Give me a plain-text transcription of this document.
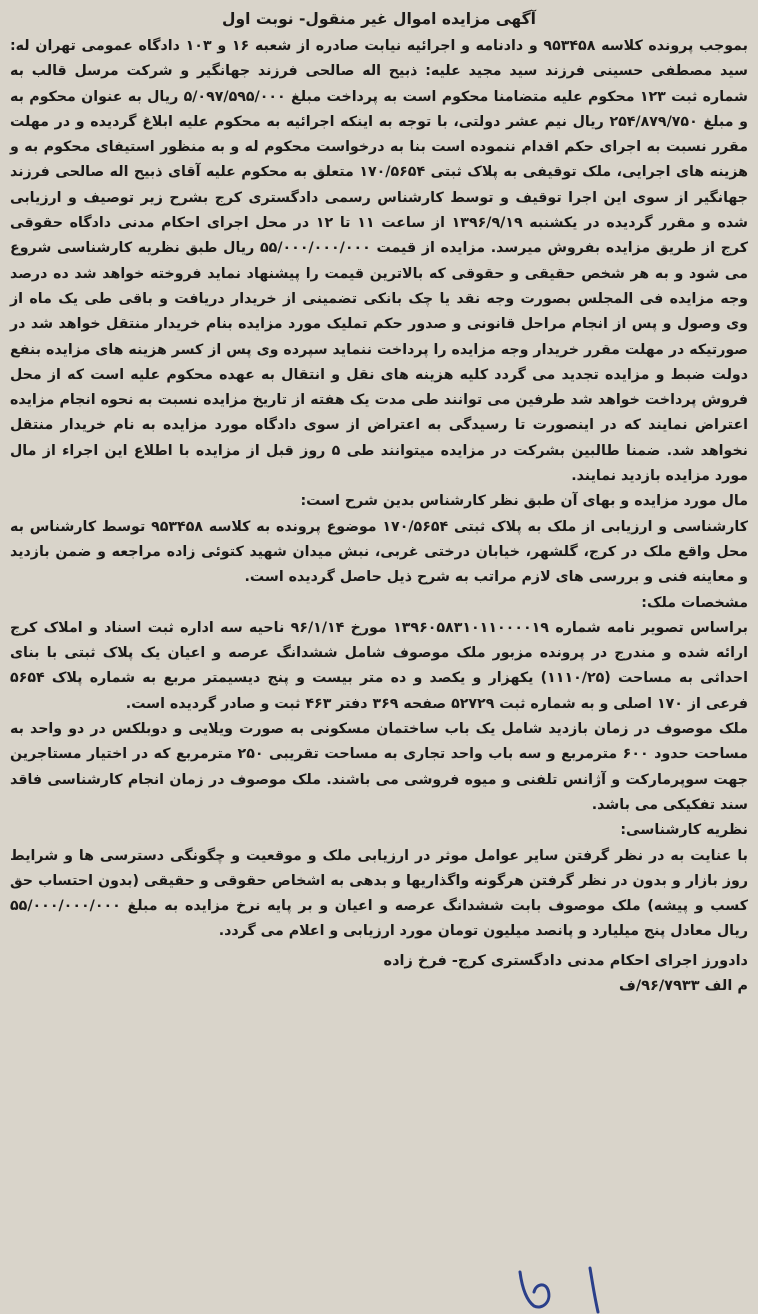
آگهی مزایده اموال غیر منقول- نوبت اول

بموجب پرونده کلاسه ۹۵۳۴۵۸ و دادنامه و اجرائیه نیابت صادره از شعبه ۱۶ و ۱۰۳ دادگاه عمومی تهران له: سید مصطفی حسینی فرزند سید مجید علیه: ذبیح اله صالحی فرزند جهانگیر و شرکت مرسل قالب به شماره ثبت ۱۲۳ محکوم علیه متضامنا محکوم است به پرداخت مبلغ ۵/۰۹۷/۵۹۵/۰۰۰ ریال به عنوان محکوم به و مبلغ ۲۵۴/۸۷۹/۷۵۰ ریال نیم عشر دولتی، با توجه به اینکه اجرائیه به محکوم علیه ابلاغ گردیده و در مهلت مقرر نسبت به اجرای حکم اقدام ننموده است بنا به درخواست محکوم له و به منظور استیفای محکوم به و هزینه های اجرایی، ملک توقیفی به پلاک ثبتی ۱۷۰/۵۶۵۴ متعلق به محکوم علیه آقای ذبیح اله صالحی فرزند جهانگیر از سوی این اجرا توقیف و توسط کارشناس رسمی دادگستری کرج بشرح زیر توصیف و ارزیابی شده و مقرر گردیده در یکشنبه ۱۳۹۶/۹/۱۹ از ساعت ۱۱ تا ۱۲ در محل اجرای احکام مدنی دادگاه حقوقی کرج از طریق مزایده بفروش میرسد. مزایده از قیمت ۵۵/۰۰۰/۰۰۰/۰۰۰ ریال طبق نظریه کارشناسی شروع می شود و به هر شخص حقیقی و حقوقی که بالاترین قیمت را پیشنهاد نماید فروخته خواهد شد ده درصد وجه مزایده فی المجلس بصورت وجه نقد یا چک بانکی تضمینی از خریدار دریافت و باقی طی یک ماه از وی وصول و پس از انجام مراحل قانونی و صدور حکم تملیک مورد مزایده بنام خریدار منتقل خواهد شد در صورتیکه در مهلت مقرر خریدار وجه مزایده را پرداخت ننماید سپرده وی پس از کسر هزینه های مزایده بنفع دولت ضبط و مزایده تجدید می گردد کلیه هزینه های نقل و انتقال به عهده محکوم علیه است که از محل فروش پرداخت خواهد شد طرفین می توانند طی مدت یک هفته از تاریخ مزایده نسبت به نحوه انجام مزایده اعتراض نمایند که در اینصورت تا رسیدگی به اعتراض از سوی دادگاه مورد مزایده به نام خریدار منتقل نخواهد شد. ضمنا طالبین بشرکت در مزایده میتوانند طی ۵ روز قبل از مزایده با اطلاع این اجراء از مال مورد مزایده بازدید نمایند.

مال مورد مزایده و بهای آن طبق نظر کارشناس بدین شرح است:

کارشناسی و ارزیابی از ملک به پلاک ثبتی ۱۷۰/۵۶۵۴ موضوع پرونده به کلاسه ۹۵۳۴۵۸ توسط کارشناس به محل واقع ملک در کرج، گلشهر، خیابان درختی غربی، نبش میدان شهید کتوئی زاده مراجعه و ضمن بازدید و معاینه فنی و بررسی های لازم مراتب به شرح ذیل حاصل گردیده است.

مشخصات ملک:

براساس تصویر نامه شماره ۱۳۹۶۰۵۸۳۱۰۱۱۰۰۰۰۱۹ مورخ ۹۶/۱/۱۴ ناحیه سه اداره ثبت اسناد و املاک کرج ارائه شده و مندرج در پرونده مزبور ملک موصوف شامل ششدانگ عرصه و اعیان یک پلاک ثبتی با بنای احداثی به مساحت (۱۱۱۰/۲۵) یکهزار و یکصد و ده متر بیست و پنج دیسیمتر مربع به شماره پلاک ۵۶۵۴ فرعی از ۱۷۰ اصلی و به شماره ثبت ۵۲۷۲۹ صفحه ۳۶۹ دفتر ۴۶۳ ثبت و صادر گردیده است.

ملک موصوف در زمان بازدید شامل یک باب ساختمان مسکونی به صورت ویلایی و دوبلکس در دو واحد به مساحت حدود ۶۰۰ مترمربع و سه باب واحد تجاری به مساحت تقریبی ۲۵۰ مترمربع که در اختیار مستاجرین جهت سوپرمارکت و آژانس تلفنی و میوه فروشی می باشند. ملک موصوف در زمان انجام کارشناسی فاقد سند تفکیکی می باشد.

نظریه کارشناسی:

با عنایت به در نظر گرفتن سایر عوامل موثر در ارزیابی ملک و موقعیت و چگونگی دسترسی ها و شرایط روز بازار و بدون در نظر گرفتن هرگونه واگذاریها و بدهی به اشخاص حقوقی و حقیقی (بدون احتساب حق کسب و پیشه) ملک موصوف بابت ششدانگ عرصه و اعیان و بر پایه نرخ مزایده به مبلغ ۵۵/۰۰۰/۰۰۰/۰۰۰ ریال معادل پنج میلیارد و پانصد میلیون تومان مورد ارزیابی و اعلام می گردد.

دادورز اجرای احکام مدنی دادگستری کرج- فرخ زاده

م الف ۹۶/۷۹۳۳/ف
